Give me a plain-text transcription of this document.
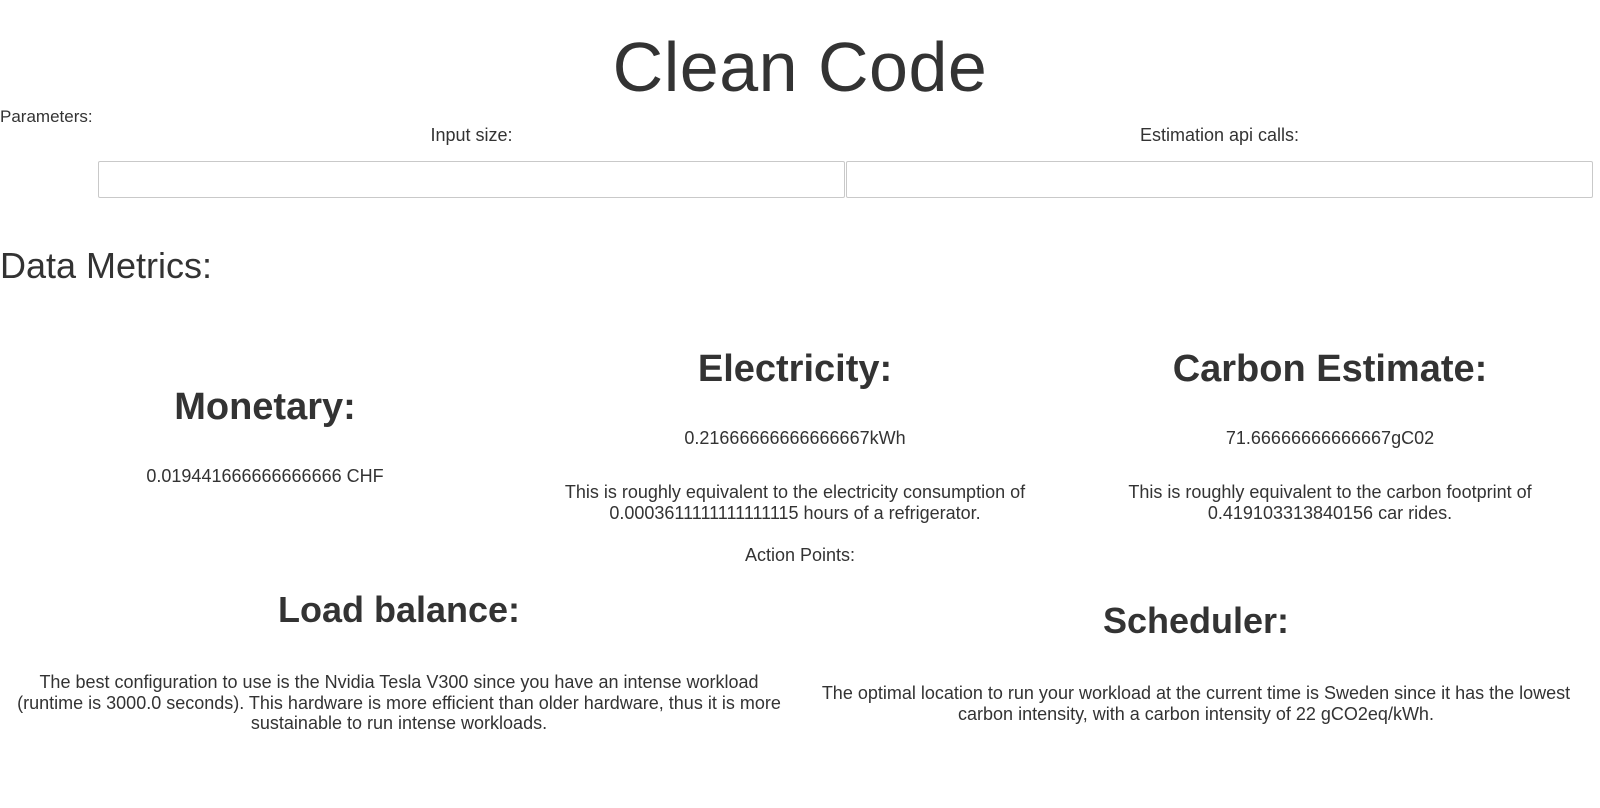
Clean Code
Parameters:
Input size:	Estimation api calls:
Data Metrics:
Monetary:
0.019441666666666666 CHF
Electricity:
0.21666666666666667kWh
This is roughly equivalent to the electricity consumption of 0.0003611111111111115 hours of a refrigerator.
Carbon Estimate:
71.66666666666667gC02
This is roughly equivalent to the carbon footprint of 0.419103313840156 car rides.
Action Points:
Load balance:
The best configuration to use is the Nvidia Tesla V300 since you have an intense workload (runtime is 3000.0 seconds). This hardware is more efficient than older hardware, thus it is more sustainable to run intense workloads.
Scheduler:
The optimal location to run your workload at the current time is Sweden since it has the lowest carbon intensity, with a carbon intensity of 22 gCO2eq/kWh.
